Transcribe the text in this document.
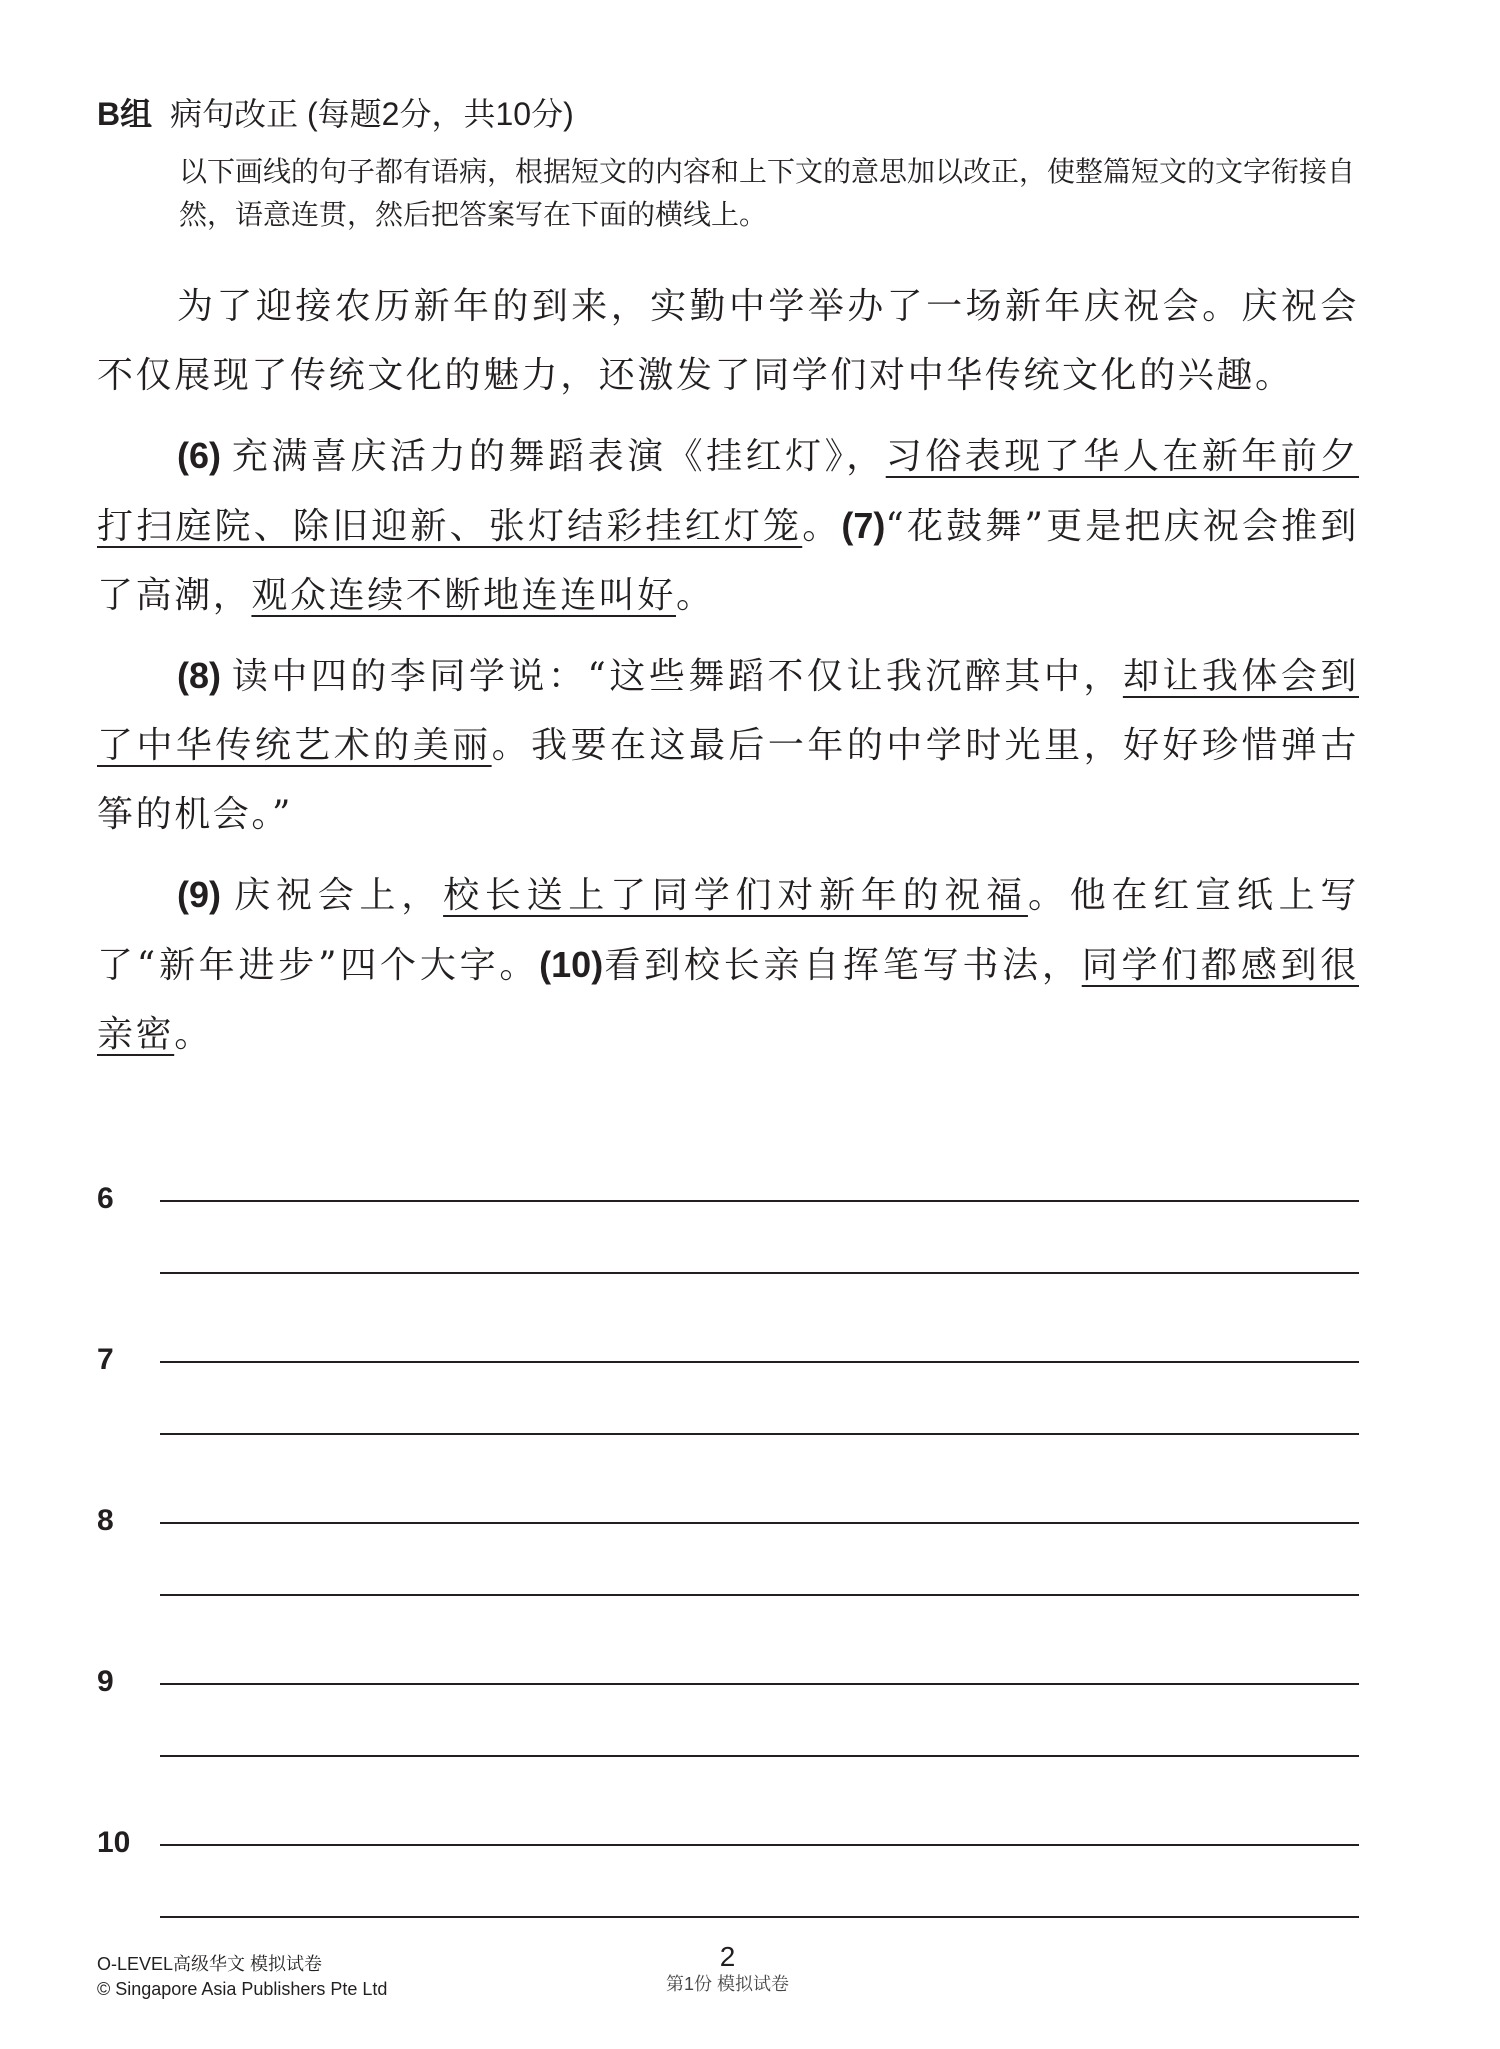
B组 病句改正 (每题2分，共10分)
以下画线的句子都有语病，根据短文的内容和上下文的意思加以改正，使整篇短文的文字衔接自然，语意连贯，然后把答案写在下面的横线上。

为了迎接农历新年的到来，实勤中学举办了一场新年庆祝会。庆祝会不仅展现了传统文化的魅力，还激发了同学们对中华传统文化的兴趣。

(6) 充满喜庆活力的舞蹈表演《挂红灯》，习俗表现了华人在新年前夕打扫庭院、除旧迎新、张灯结彩挂红灯笼。(7)“花鼓舞”更是把庆祝会推到了高潮，观众连续不断地连连叫好。

(8) 读中四的李同学说：“这些舞蹈不仅让我沉醉其中，却让我体会到了中华传统艺术的美丽。我要在这最后一年的中学时光里，好好珍惜弹古筝的机会。”

(9) 庆祝会上，校长送上了同学们对新年的祝福。他在红宣纸上写了“新年进步”四个大字。(10)看到校长亲自挥笔写书法，同学们都感到很亲密。

6
7
8
9
10
O-LEVEL高级华文 模拟试卷
© Singapore Asia Publishers Pte Ltd
2
第1份 模拟试卷
